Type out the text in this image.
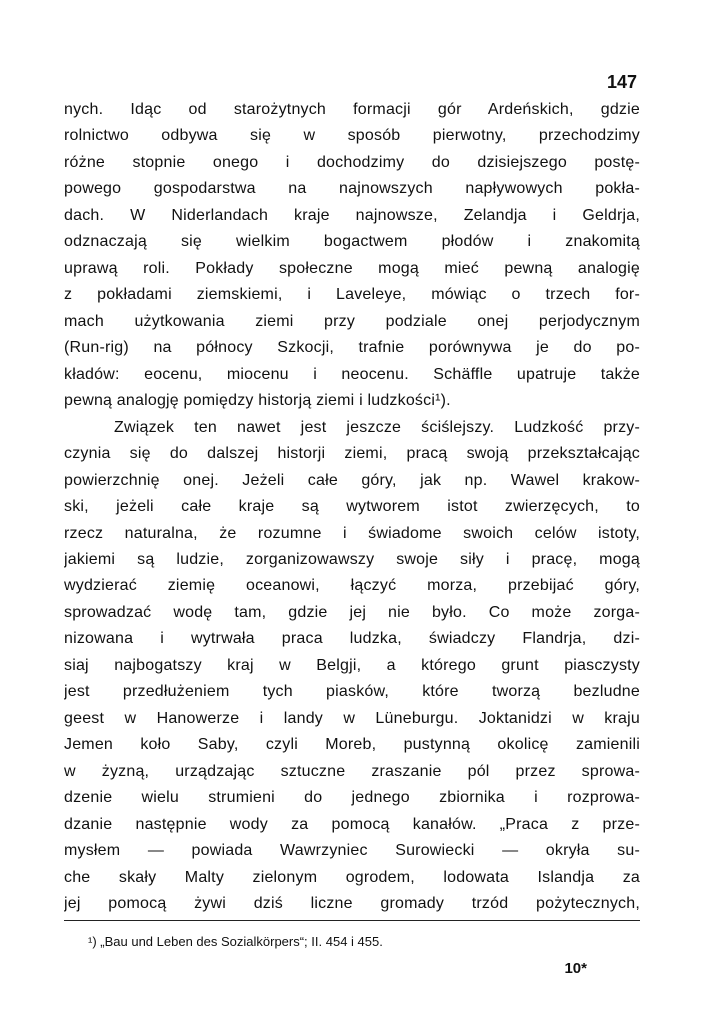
147
nych. Idąc od starożytnych formacji gór Ardeńskich, gdzie
rolnictwo odbywa się w sposób pierwotny, przechodzimy
różne stopnie onego i dochodzimy do dzisiejszego postę-
powego gospodarstwa na najnowszych napływowych pokła-
dach. W Niderlandach kraje najnowsze, Zelandja i Geldrja,
odznaczają się wielkim bogactwem płodów i znakomitą
uprawą roli. Pokłady społeczne mogą mieć pewną analogię
z pokładami ziemskiemi, i Laveleye, mówiąc o trzech for-
mach użytkowania ziemi przy podziale onej perjodycznym
(Run-rig) na północy Szkocji, trafnie porównywa je do po-
kładów: eocenu, miocenu i neocenu. Schäffle upatruje także
pewną analogję pomiędzy historją ziemi i ludzkości¹).
Związek ten nawet jest jeszcze ściślejszy. Ludzkość przy-
czynia się do dalszej historji ziemi, pracą swoją przekształcając
powierzchnię onej. Jeżeli całe góry, jak np. Wawel krakow-
ski, jeżeli całe kraje są wytworem istot zwierzęcych, to
rzecz naturalna, że rozumne i świadome swoich celów istoty,
jakiemi są ludzie, zorganizowawszy swoje siły i pracę, mogą
wydzierać ziemię oceanowi, łączyć morza, przebijać góry,
sprowadzać wodę tam, gdzie jej nie było. Co może zorga-
nizowana i wytrwała praca ludzka, świadczy Flandrja, dzi-
siaj najbogatszy kraj w Belgji, a którego grunt piasczysty
jest przedłużeniem tych piasków, które tworzą bezludne
geest w Hanowerze i landy w Lüneburgu. Joktanidzi w kraju
Jemen koło Saby, czyli Moreb, pustynną okolicę zamienili
w żyzną, urządzając sztuczne zraszanie pól przez sprowa-
dzenie wielu strumieni do jednego zbiornika i rozprowa-
dzanie następnie wody za pomocą kanałów. „Praca z prze-
mysłem — powiada Wawrzyniec Surowiecki — okryła su-
che skały Malty zielonym ogrodem, lodowata Islandja za
jej pomocą żywi dziś liczne gromady trzód pożytecznych,
¹) „Bau und Leben des Sozialkörpers“; II. 454 i 455.
10*
